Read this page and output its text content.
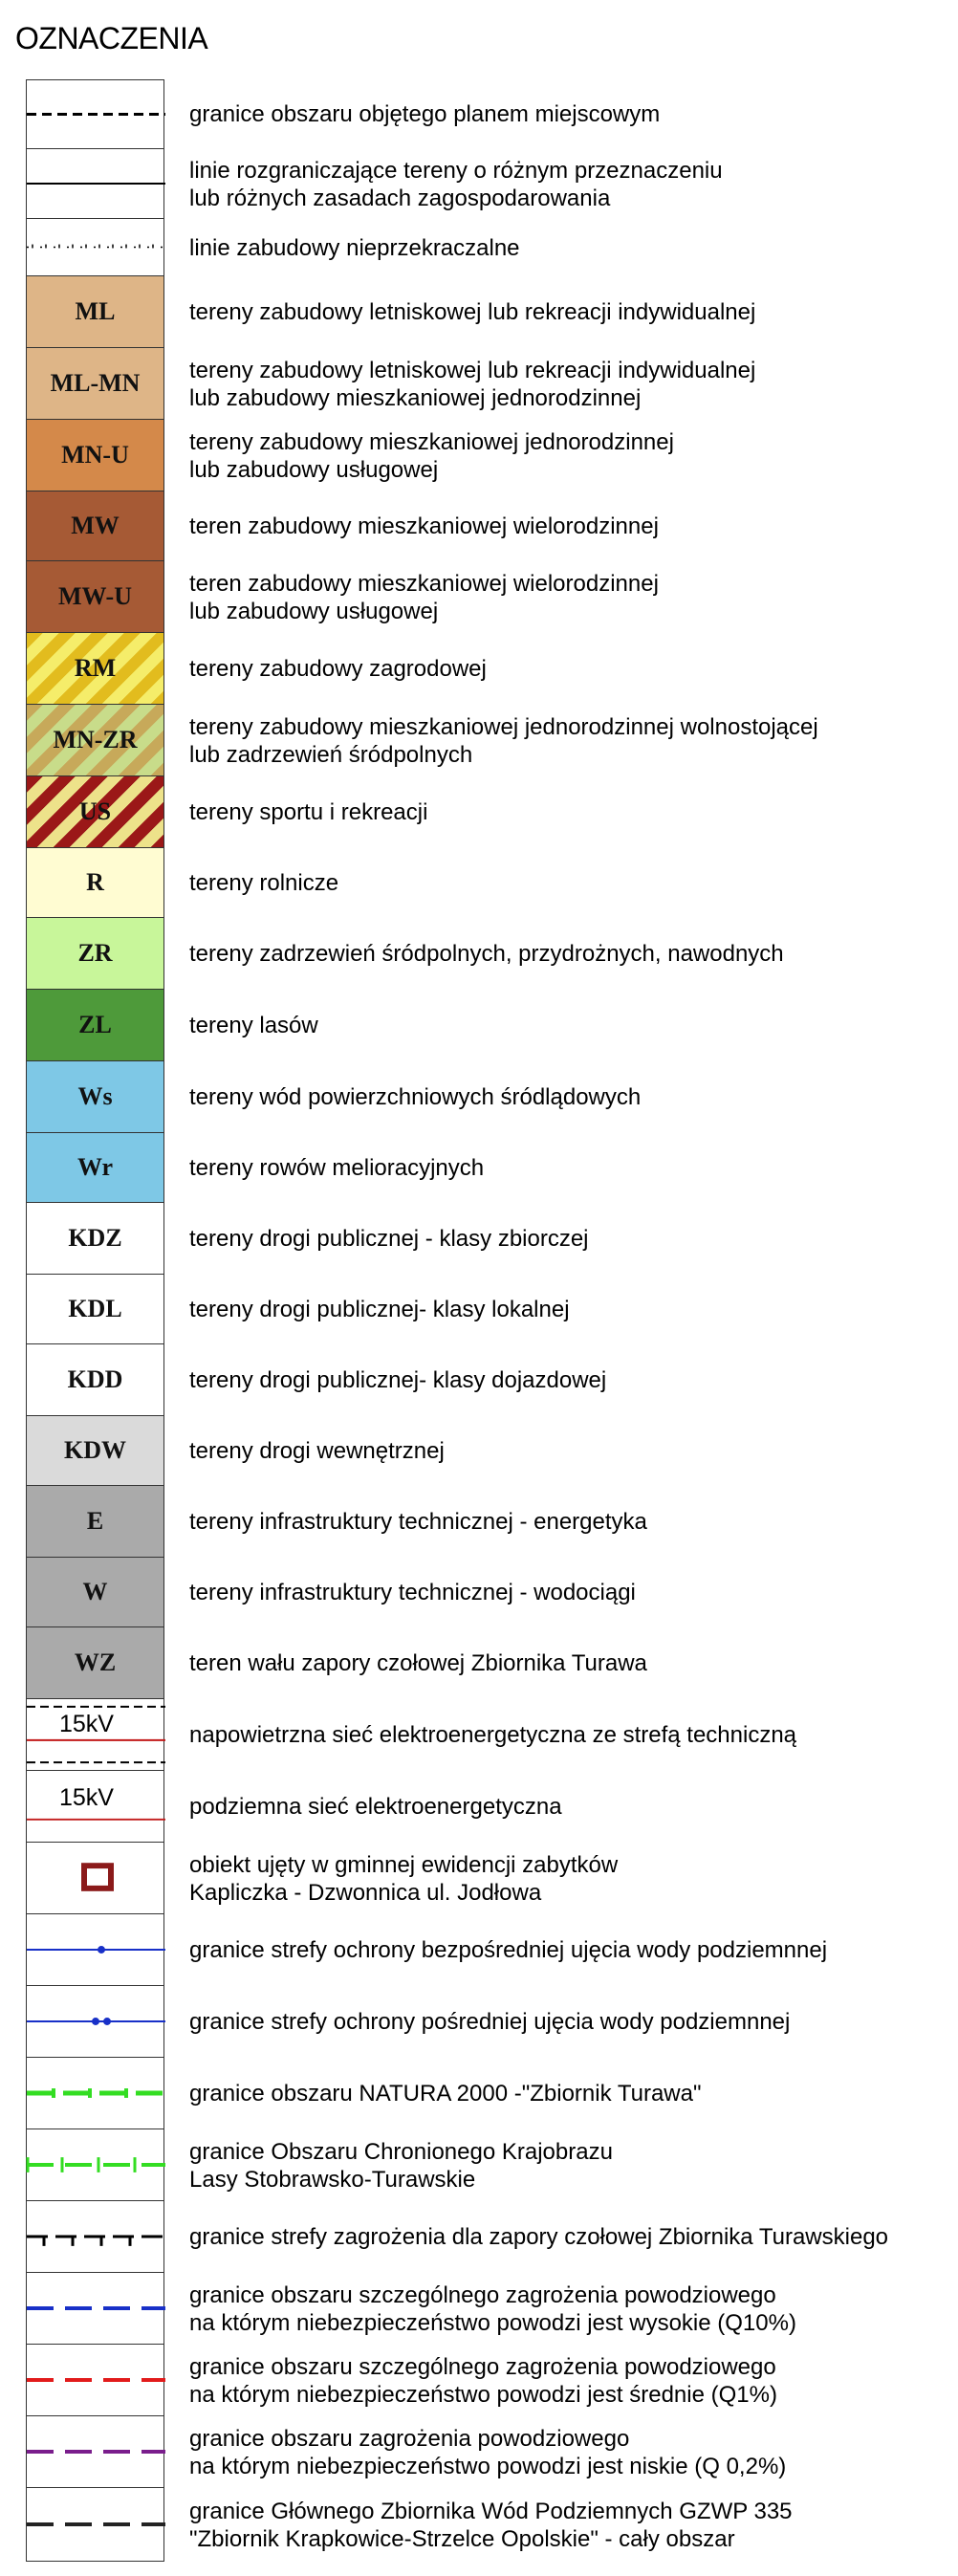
OZNACZENIA
granice obszaru objętego planem miejscowym
linie rozgraniczające tereny o różnym przeznaczeniu
lub różnych zasadach zagospodarowania
linie zabudowy nieprzekraczalne
ML	tereny zabudowy letniskowej lub rekreacji indywidualnej
ML-MN tereny zabudowy letniskowej lub rekreacji indywidualnej
lub zabudowy mieszkaniowej jednorodzinnej
MN-U	tereny zabudowy mieszkaniowej jednorodzinnej
lub zabudowy usługowej
MW	teren zabudowy mieszkaniowej wielorodzinnej
MW-U	teren zabudowy mieszkaniowej wielorodzinnej
lub zabudowy usługowej
RM	tereny zabudowy zagrodowej
MN-ZR tereny zabudowy mieszkaniowej jednorodzinnej wolnostojącej
lub zadrzewień śródpolnych
US	tereny sportu i rekreacji
R	tereny rolnicze
ZR	tereny zadrzewień śródpolnych, przydrożnych, nawodnych
ZL	tereny lasów
Ws	tereny wód powierzchniowych śródlądowych
Wr	tereny rowów melioracyjnych
KDZ	tereny drogi publicznej - klasy zbiorczej
KDL	tereny drogi publicznej- klasy lokalnej
KDD	tereny drogi publicznej- klasy dojazdowej
KDW	tereny drogi wewnętrznej
E	tereny infrastruktury technicznej - energetyka
W	tereny infrastruktury technicznej - wodociągi
WZ	teren wału zapory czołowej Zbiornika Turawa
15kV	napowietrzna sieć elektroenergetyczna ze strefą techniczną
15kV	podziemna sieć elektroenergetyczna
obiekt ujęty w gminnej ewidencji zabytków
Kapliczka - Dzwonnica ul. Jodłowa
granice strefy ochrony bezpośredniej ujęcia wody podziemnnej
granice strefy ochrony pośredniej ujęcia wody podziemnnej
granice obszaru NATURA 2000 -"Zbiornik Turawa"
granice Obszaru Chronionego Krajobrazu
Lasy Stobrawsko-Turawskie
granice strefy zagrożenia dla zapory czołowej Zbiornika Turawskiego
granice obszaru szczególnego zagrożenia powodziowego
na którym niebezpieczeństwo powodzi jest wysokie (Q10%)
granice obszaru szczególnego zagrożenia powodziowego
na którym niebezpieczeństwo powodzi jest średnie (Q1%)
granice obszaru zagrożenia powodziowego
na którym niebezpieczeństwo powodzi jest niskie (Q 0,2%)
granice Głównego Zbiornika Wód Podziemnych GZWP 335
"Zbiornik Krapkowice-Strzelce Opolskie" - cały obszar
